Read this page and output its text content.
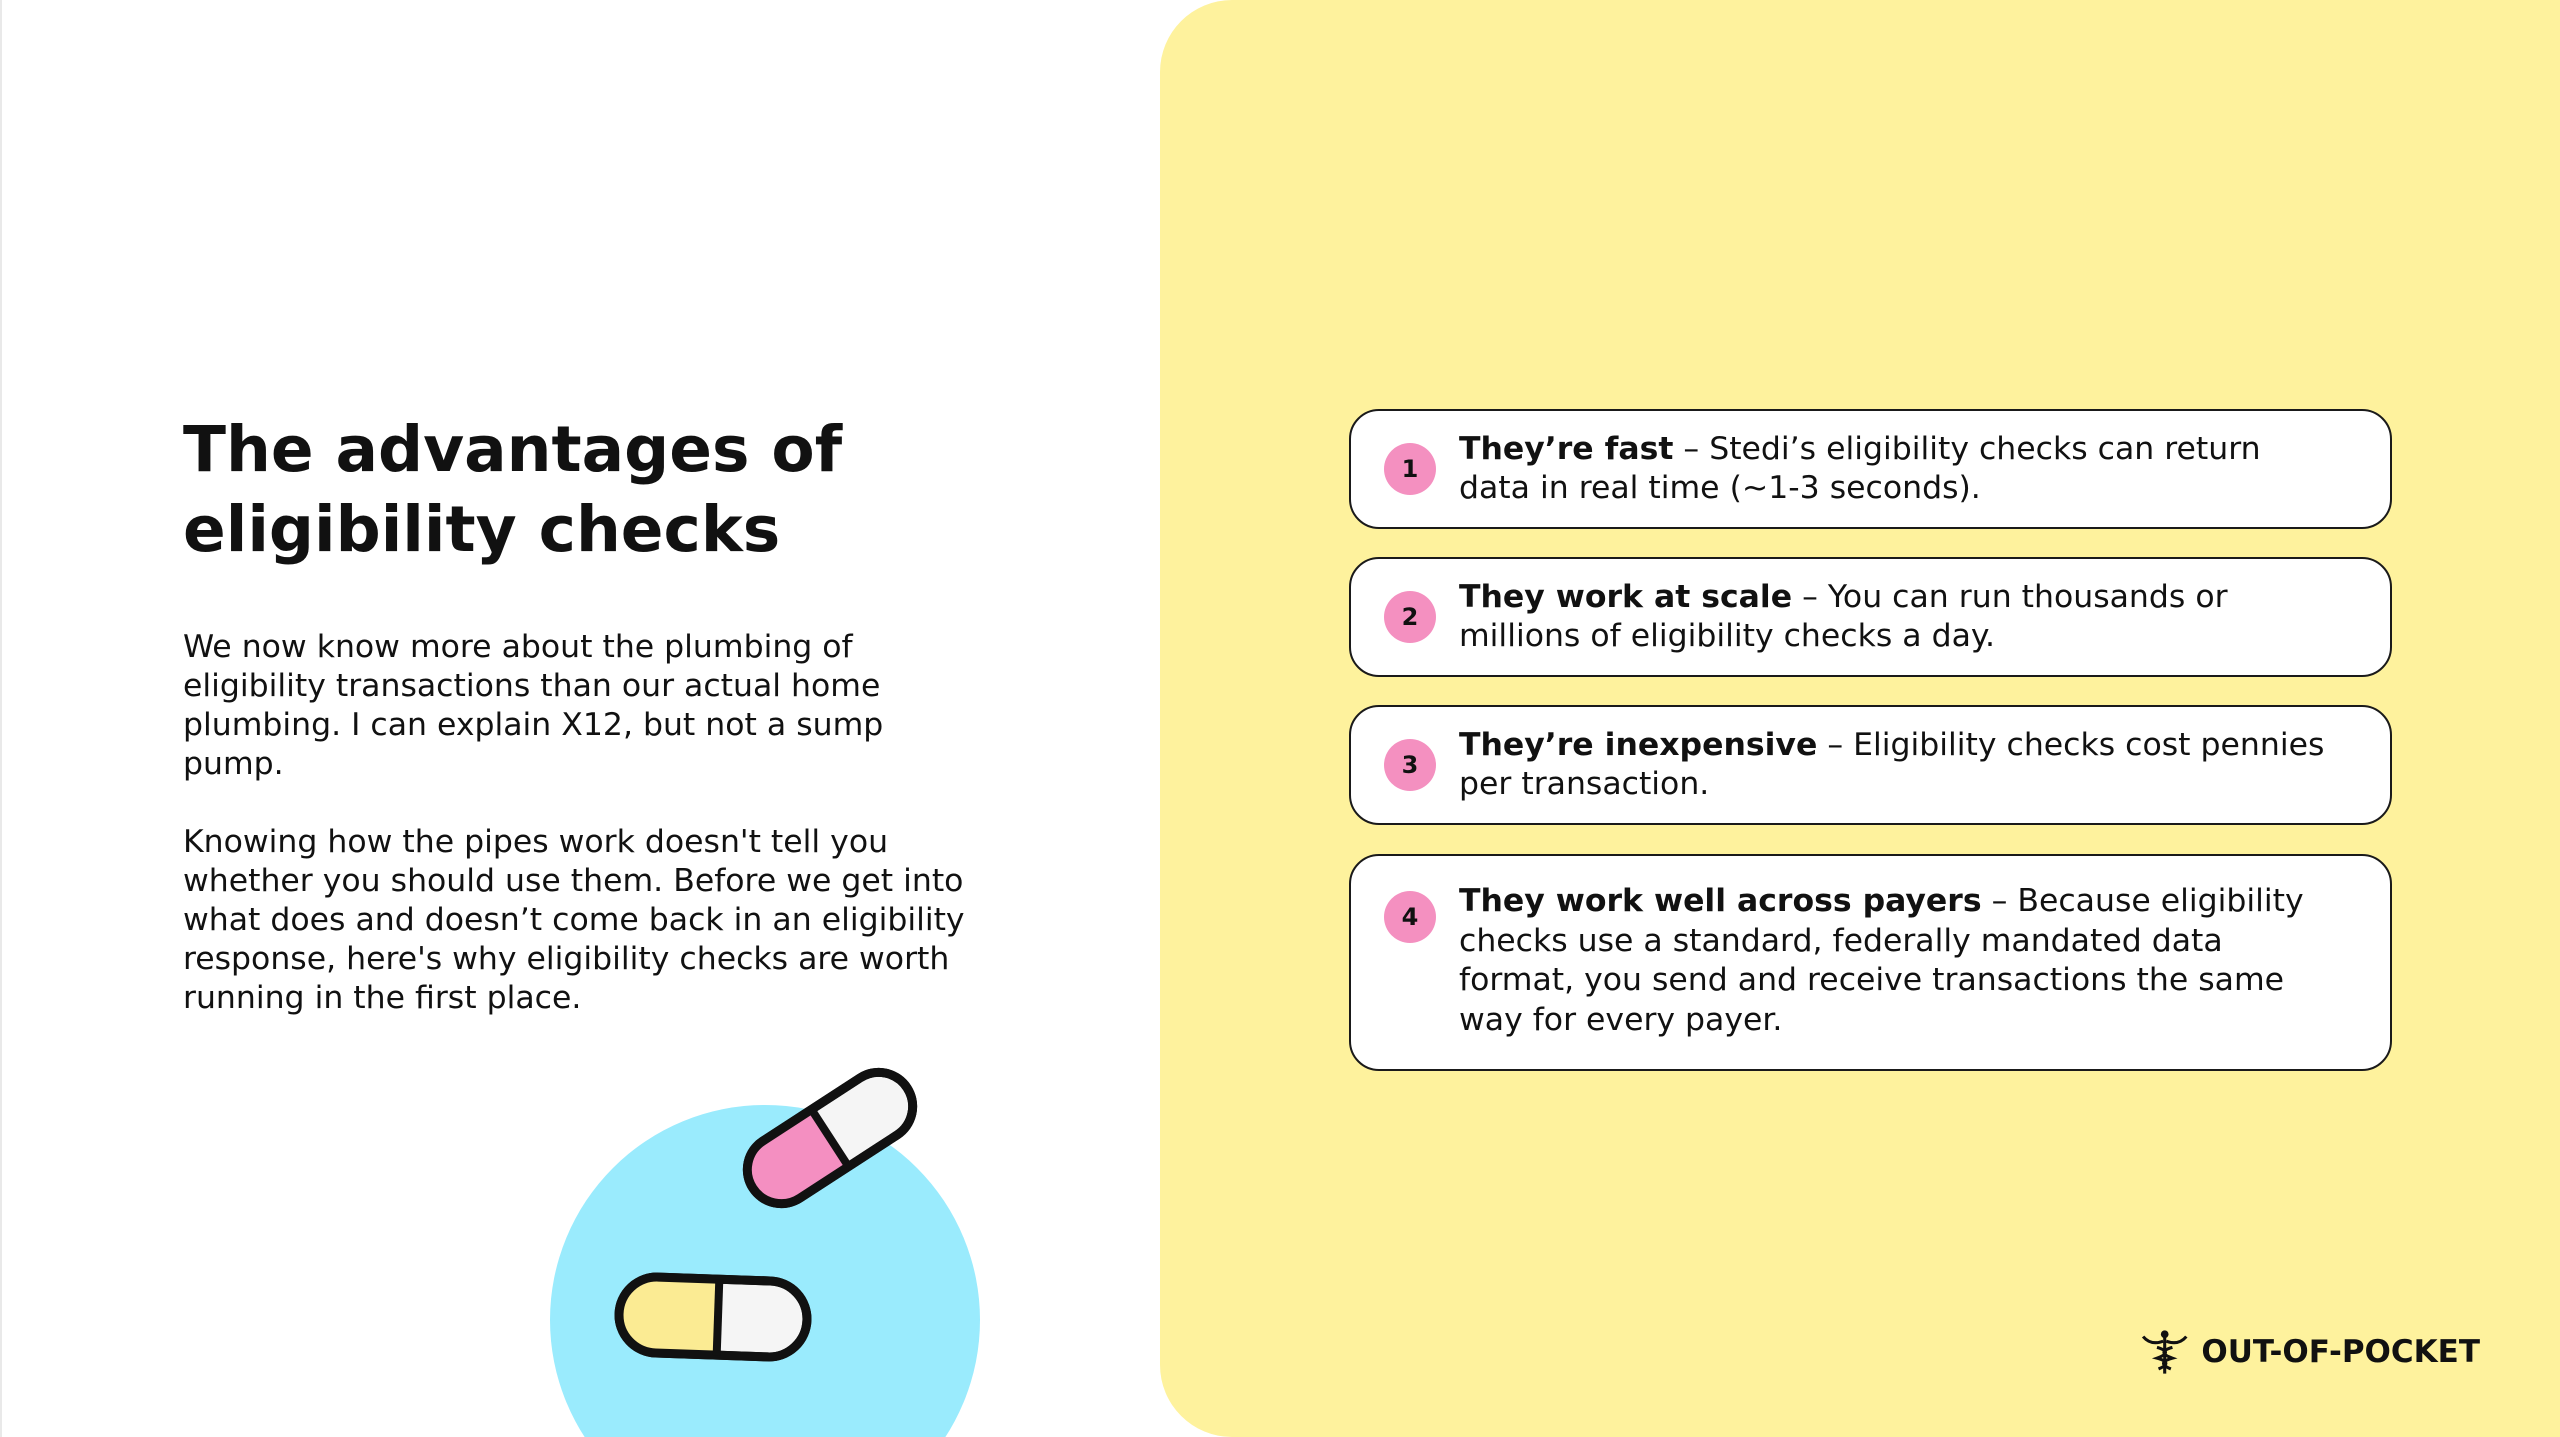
The advantages of
eligibility checks

We now know more about the plumbing of eligibility transactions than our actual home plumbing. I can explain X12, but not a sump pump.

Knowing how the pipes work doesn't tell you whether you should use them. Before we get into what does and doesn’t come back in an eligibility response, here's why eligibility checks are worth running in the first place.

1
They’re fast – Stedi’s eligibility checks can return data in real time (~1-3 seconds).
2
They work at scale – You can run thousands or millions of eligibility checks a day.
3
They’re inexpensive – Eligibility checks cost pennies per transaction.
4	They work well across payers – Because eligibility checks use a standard, federally mandated data format, you send and receive transactions the same way for every payer.
OUT-OF-POCKET
